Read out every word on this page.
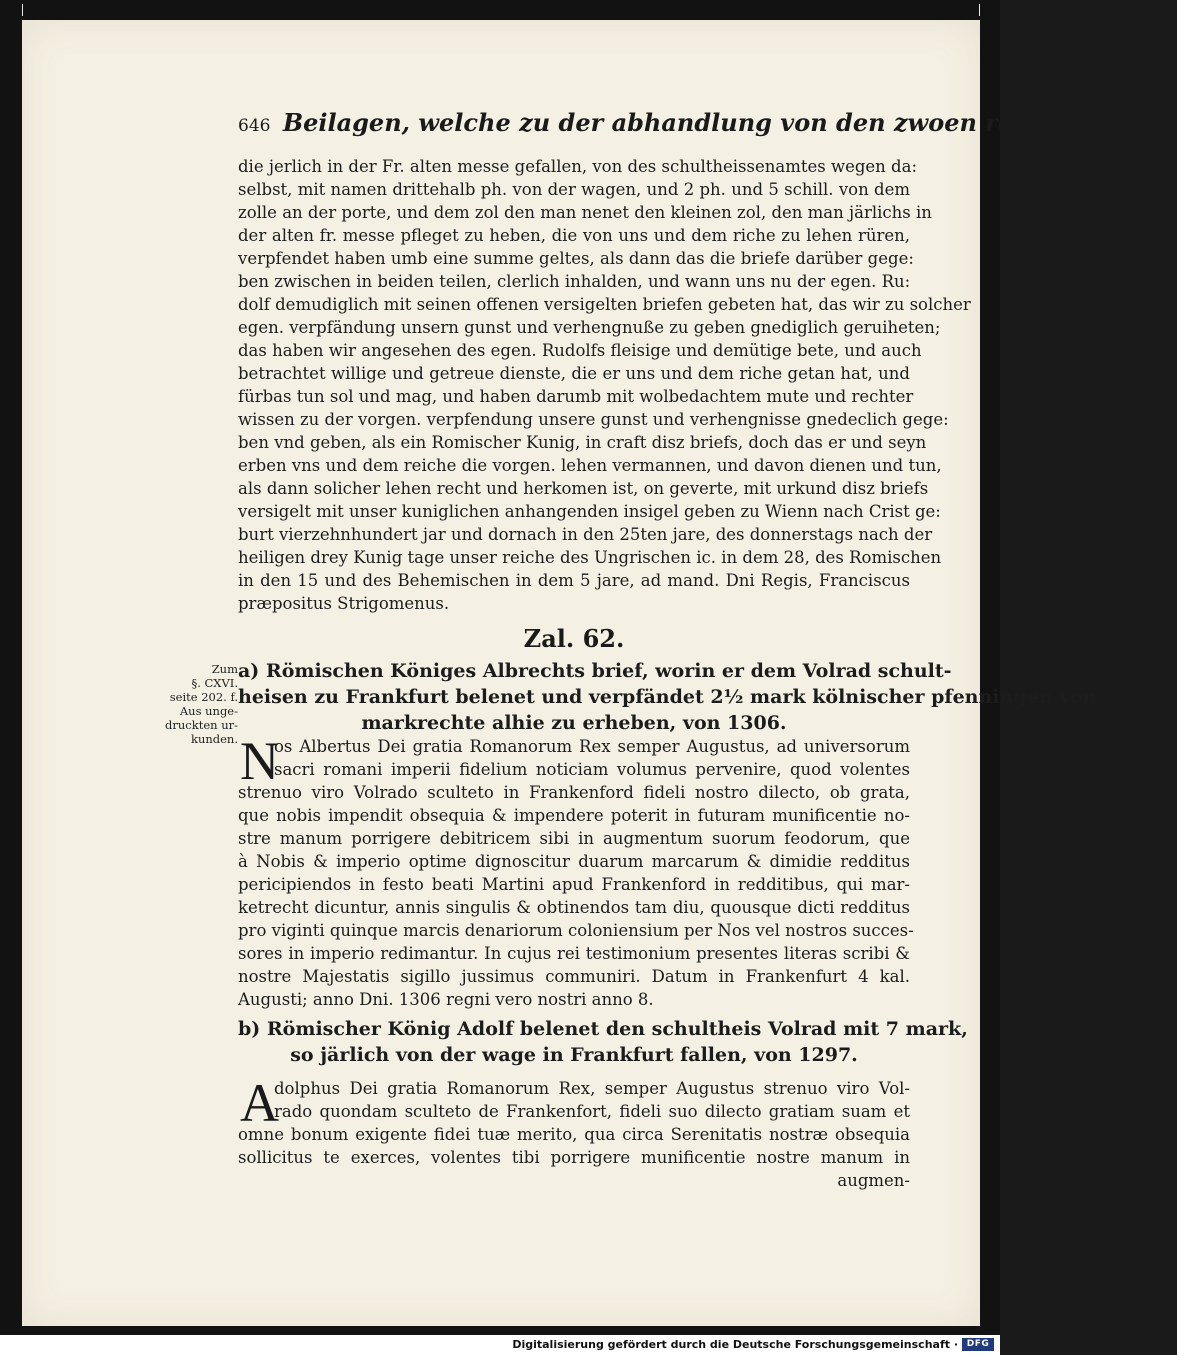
646 Beilagen, welche zu der abhandlung von den zwoen reichsmessen,
die jerlich in der Fr. alten messe gefallen, von des schultheissenamtes wegen da:
selbst, mit namen drittehalb ph. von der wagen, und 2 ph. und 5 schill. von dem
zolle an der porte, und dem zol den man nenet den kleinen zol, den man järlichs in
der alten fr. messe pfleget zu heben, die von uns und dem riche zu lehen rüren,
verpfendet haben umb eine summe geltes, als dann das die briefe darüber gege:
ben zwischen in beiden teilen, clerlich inhalden, und wann uns nu der egen. Ru:
dolf demudiglich mit seinen offenen versigelten briefen gebeten hat, das wir zu solcher
egen. verpfändung unsern gunst und verhengnuße zu geben gnediglich geruiheten;
das haben wir angesehen des egen. Rudolfs fleisige und demütige bete, und auch
betrachtet willige und getreue dienste, die er uns und dem riche getan hat, und
fürbas tun sol und mag, und haben darumb mit wolbedachtem mute und rechter
wissen zu der vorgen. verpfendung unsere gunst und verhengnisse gnedeclich gege:
ben vnd geben, als ein Romischer Kunig, in craft disz briefs, doch das er und seyn
erben vns und dem reiche die vorgen. lehen vermannen, und davon dienen und tun,
als dann solicher lehen recht und herkomen ist, on geverte, mit urkund disz briefs
versigelt mit unser kuniglichen anhangenden insigel geben zu Wienn nach Crist ge:
burt vierzehnhundert jar und dornach in den 25ten jare, des donnerstags nach der
heiligen drey Kunig tage unser reiche des Ungrischen ic. in dem 28, des Romischen
in den 15 und des Behemischen in dem 5 jare, ad mand. Dni Regis, Franciscus
præpositus Strigomenus.
Zal. 62.
Zum
§. CXVI.
seite 202. f.
Aus unge-
druckten ur-
kunden.
a) Römischen Königes Albrechts brief, worin er dem Volrad schult-
heisen zu Frankfurt belenet und verpfändet 2½ mark kölnischer pfenningen von
markrechte alhie zu erheben, von 1306.
N
os Albertus Dei gratia Romanorum Rex semper Augustus, ad universorum
sacri romani imperii fidelium noticiam volumus pervenire, quod volentes
strenuo viro Volrado sculteto in Frankenford fideli nostro dilecto, ob grata,
que nobis impendit obsequia & impendere poterit in futuram munificentie no-
stre manum porrigere debitricem sibi in augmentum suorum feodorum, que
à Nobis & imperio optime dignoscitur duarum marcarum & dimidie redditus
pericipiendos in festo beati Martini apud Frankenford in redditibus, qui mar-
ketrecht dicuntur, annis singulis & obtinendos tam diu, quousque dicti redditus
pro viginti quinque marcis denariorum coloniensium per Nos vel nostros succes-
sores in imperio redimantur. In cujus rei testimonium presentes literas scribi &
nostre Majestatis sigillo jussimus communiri. Datum in Frankenfurt 4 kal.
Augusti; anno Dni. 1306 regni vero nostri anno 8.
b) Römischer König Adolf belenet den schultheis Volrad mit 7 mark,
so järlich von der wage in Frankfurt fallen, von 1297.
A
dolphus Dei gratia Romanorum Rex, semper Augustus strenuo viro Vol-
rado quondam sculteto de Frankenfort, fideli suo dilecto gratiam suam et
omne bonum exigente fidei tuæ merito, qua circa Serenitatis nostræ obsequia
sollicitus te exerces, volentes tibi porrigere munificentie nostre manum in
augmen-
Digitalisierung gefördert durch die Deutsche Forschungsgemeinschaft · DFG
